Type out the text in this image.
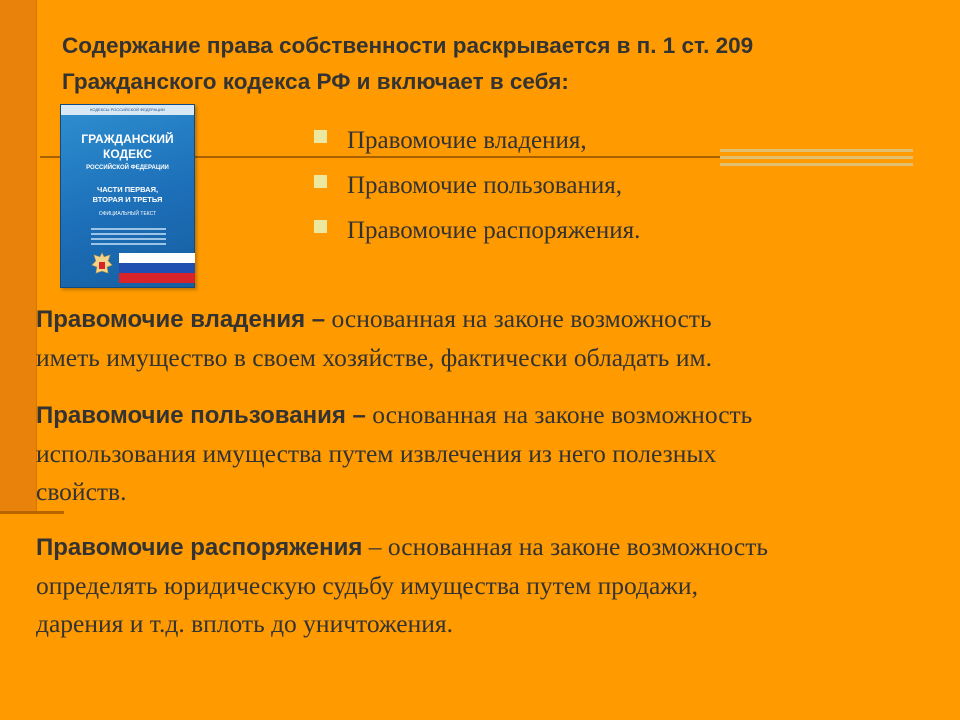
Содержание права собственности раскрывается в п. 1 ст. 209
Гражданского кодекса РФ и включает в себя:
КОДЕКСЫ РОССИЙСКОЙ ФЕДЕРАЦИИ
ГРАЖДАНСКИЙ
КОДЕКС
РОССИЙСКОЙ ФЕДЕРАЦИИ
ЧАСТИ ПЕРВАЯ,
ВТОРАЯ И ТРЕТЬЯ
ОФИЦИАЛЬНЫЙ ТЕКСТ
Правомочие владения,
Правомочие пользования,
Правомочие распоряжения.

Правомочие владения – основанная на законе возможность
иметь имущество в своем хозяйстве, фактически обладать им.

Правомочие пользования – основанная на законе возможность
использования имущества путем извлечения из него полезных
свойств.

Правомочие распоряжения – основанная на законе возможность
определять юридическую судьбу имущества путем продажи,
дарения и т.д. вплоть до уничтожения.
